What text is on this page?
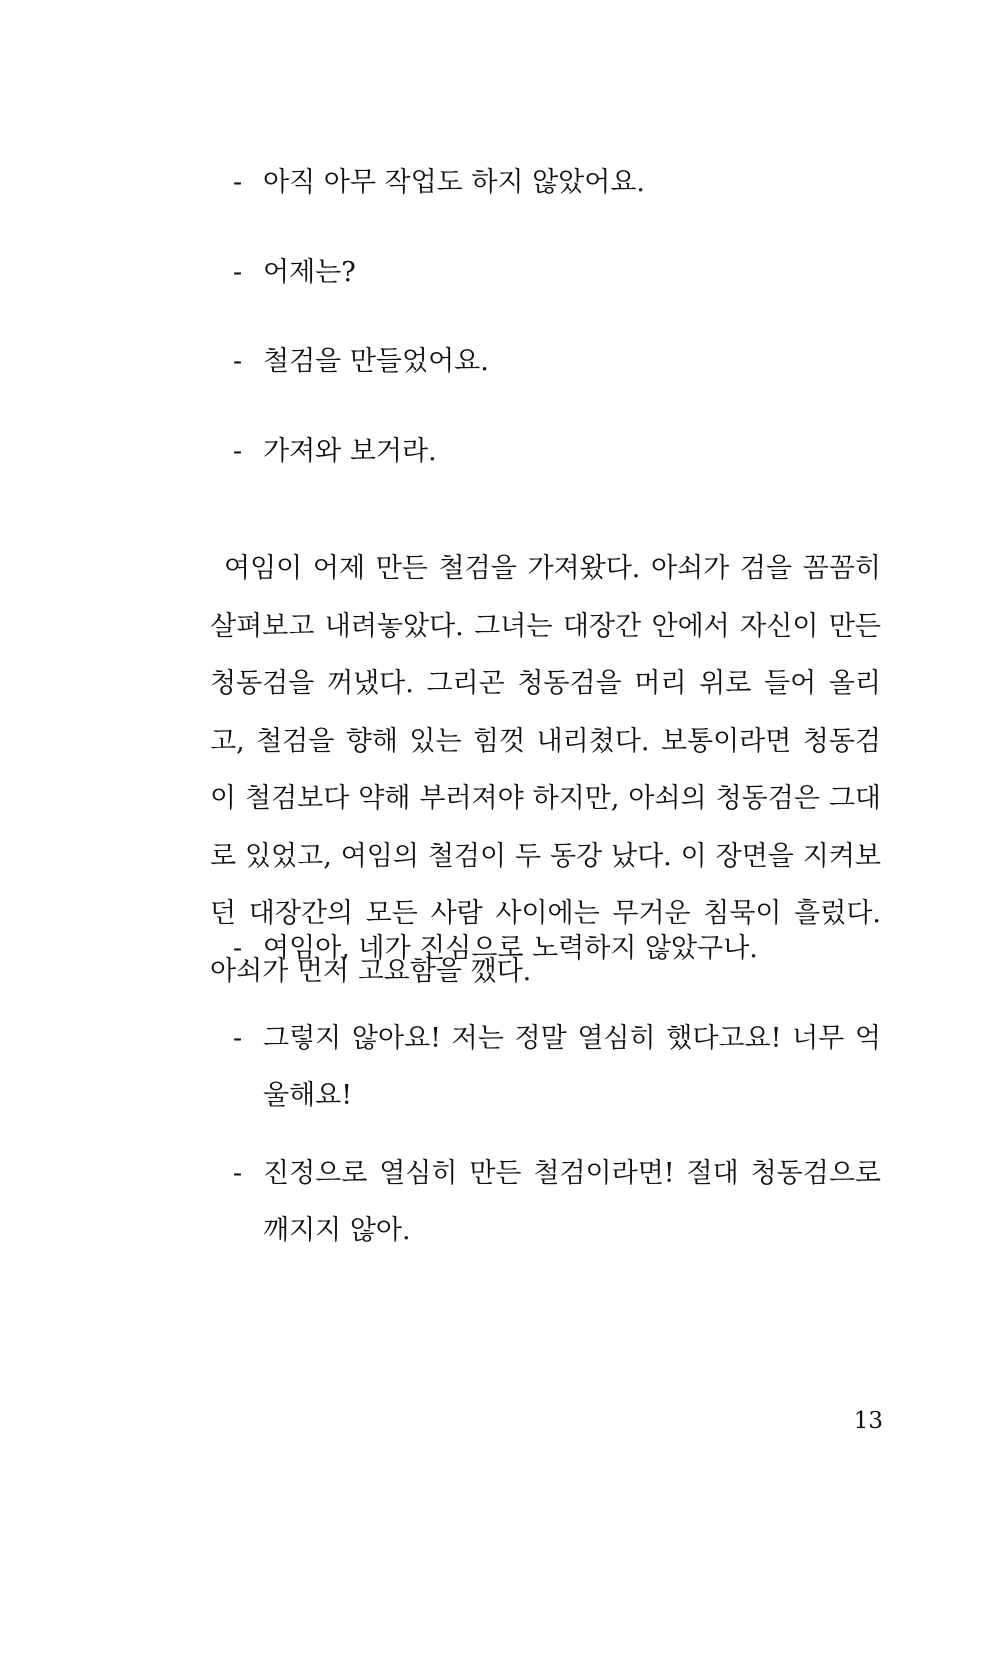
- 아직 아무 작업도 하지 않았어요.

- 어제는?

- 철검을 만들었어요.

- 가져와 보거라.

여임이 어제 만든 철검을 가져왔다. 아쇠가 검을 꼼꼼히 살펴보고 내려놓았다. 그녀는 대장간 안에서 자신이 만든 청동검을 꺼냈다. 그리곤 청동검을 머리 위로 들어 올리고, 철검을 향해 있는 힘껏 내리쳤다. 보통이라면 청동검이 철검보다 약해 부러져야 하지만, 아쇠의 청동검은 그대로 있었고, 여임의 철검이 두 동강 났다. 이 장면을 지켜보던 대장간의 모든 사람 사이에는 무거운 침묵이 흘렀다. 아쇠가 먼저 고요함을 깼다.

- 여임아, 네가 진심으로 노력하지 않았구나.

- 그렇지 않아요! 저는 정말 열심히 했다고요! 너무 억울해요!

- 진정으로 열심히 만든 철검이라면! 절대 청동검으로 깨지지 않아.

13
